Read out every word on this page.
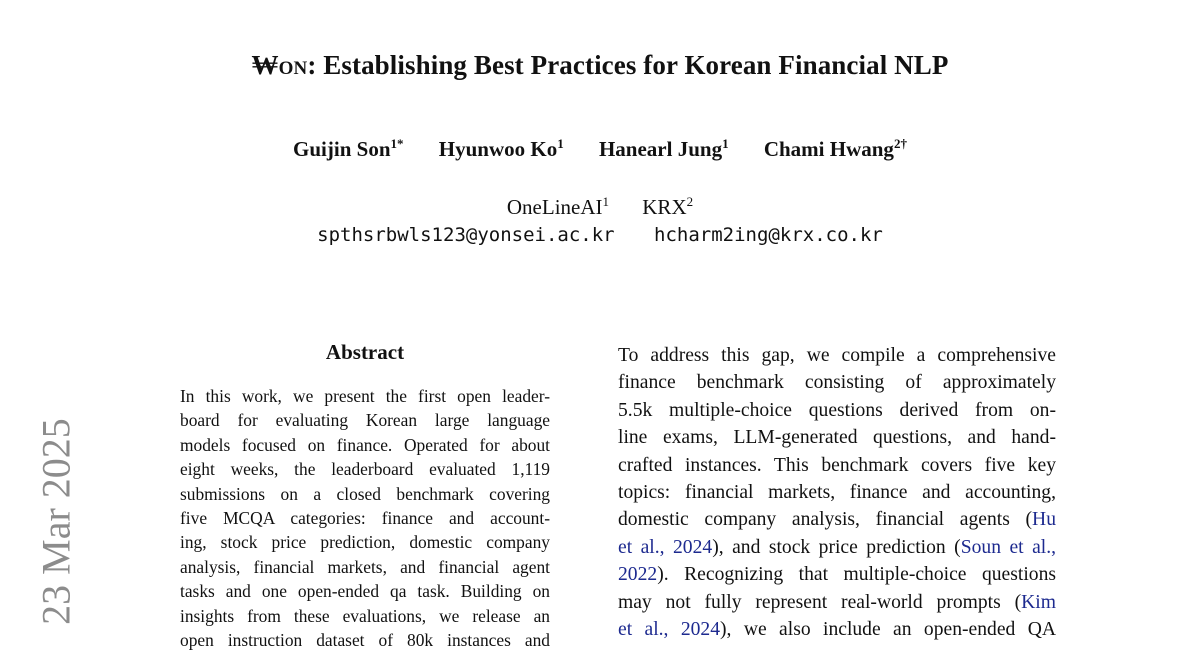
₩on: Establishing Best Practices for Korean Financial NLP
Guijin Son$^{1*}$ Hyunwoo Ko$^1$ Hanearl Jung$^1$ Chami Hwang$^{2\dagger}$
OneLineAI$^1$ KRX$^2$
spthsrbwls123@yonsei.ac.kr hcharm2ing@krx.co.kr
23 Mar 2025
Abstract
In this work, we present the first open leader-
board for evaluating Korean large language
models focused on finance. Operated for about
eight weeks, the leaderboard evaluated 1,119
submissions on a closed benchmark covering
five MCQA categories: finance and account-
ing, stock price prediction, domestic company
analysis, financial markets, and financial agent
tasks and one open-ended qa task. Building on
insights from these evaluations, we release an
open instruction dataset of 80k instances and
To address this gap, we compile a comprehensive
finance benchmark consisting of approximately
5.5k multiple-choice questions derived from on-
line exams, LLM-generated questions, and hand-
crafted instances. This benchmark covers five key
topics: financial markets, finance and accounting,
domestic company analysis, financial agents (Hu
et al., 2024), and stock price prediction (Soun et al.,
2022). Recognizing that multiple-choice questions
may not fully represent real-world prompts (Kim
et al., 2024), we also include an open-ended QA
